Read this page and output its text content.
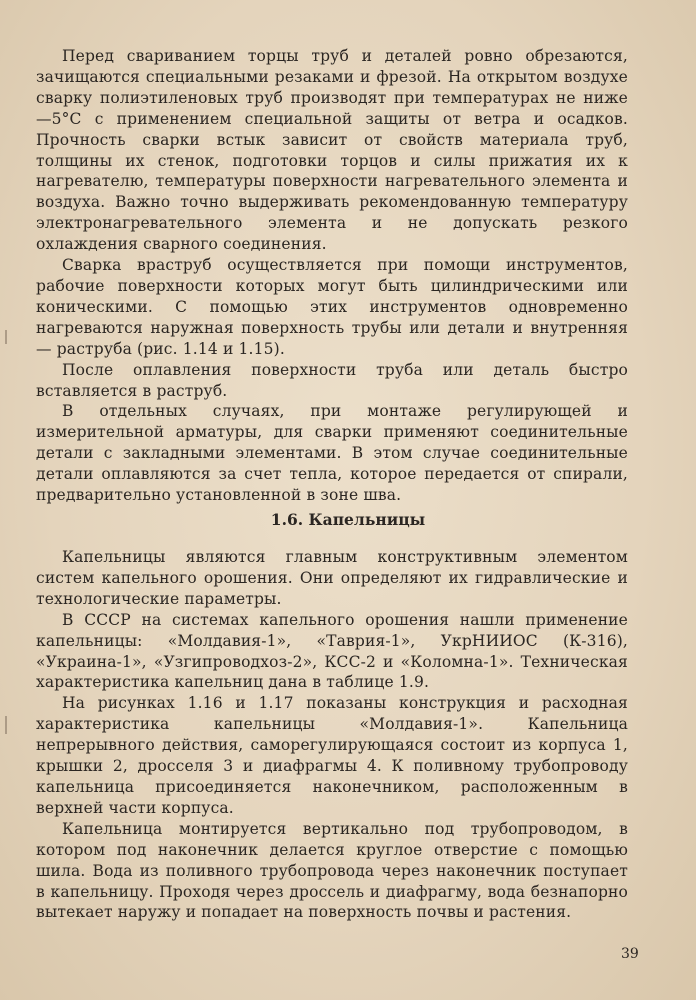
Перед свариванием торцы труб и деталей ровно обрезаются, зачищаются специальными резаками и фрезой. На открытом воздухе сварку полиэтиленовых труб производят при температурах не ниже —5°C с применением специальной защиты от ветра и осадков. Прочность сварки встык зависит от свойств материала труб, толщины их стенок, подготовки торцов и силы прижатия их к нагревателю, температуры поверхности нагревательного элемента и воздуха. Важно точно выдерживать рекомендованную температуру электронагревательного элемента и не допускать резкого охлаждения сварного соединения.

Сварка враструб осуществляется при помощи инструментов, рабочие поверхности которых могут быть цилиндрическими или коническими. С помощью этих инструментов одновременно нагреваются наружная поверхность трубы или детали и внутренняя — раструба (рис. 1.14 и 1.15).

После оплавления поверхности труба или деталь быстро вставляется в раструб.

В отдельных случаях, при монтаже регулирующей и измерительной арматуры, для сварки применяют соединительные детали с закладными элементами. В этом случае соединительные детали оплавляются за счет тепла, которое передается от спирали, предварительно установленной в зоне шва.

1.6. Капельницы

Капельницы являются главным конструктивным элементом систем капельного орошения. Они определяют их гидравлические и технологические параметры.

В СССР на системах капельного орошения нашли применение капельницы: «Молдавия-1», «Таврия-1», УкрНИИОС (К-316), «Украина-1», «Узгипроводхоз-2», КСС-2 и «Коломна-1». Техническая характеристика капельниц дана в таблице 1.9.

На рисунках 1.16 и 1.17 показаны конструкция и расходная характеристика капельницы «Молдавия-1». Капельница непрерывного действия, саморегулирующаяся состоит из корпуса 1, крышки 2, дросселя 3 и диафрагмы 4. К поливному трубопроводу капельница присоединяется наконечником, расположенным в верхней части корпуса.

Капельница монтируется вертикально под трубопроводом, в котором под наконечник делается круглое отверстие с помощью шила. Вода из поливного трубопровода через наконечник поступает в капельницу. Проходя через дроссель и диафрагму, вода безнапорно вытекает наружу и попадает на поверхность почвы и растения.

39
